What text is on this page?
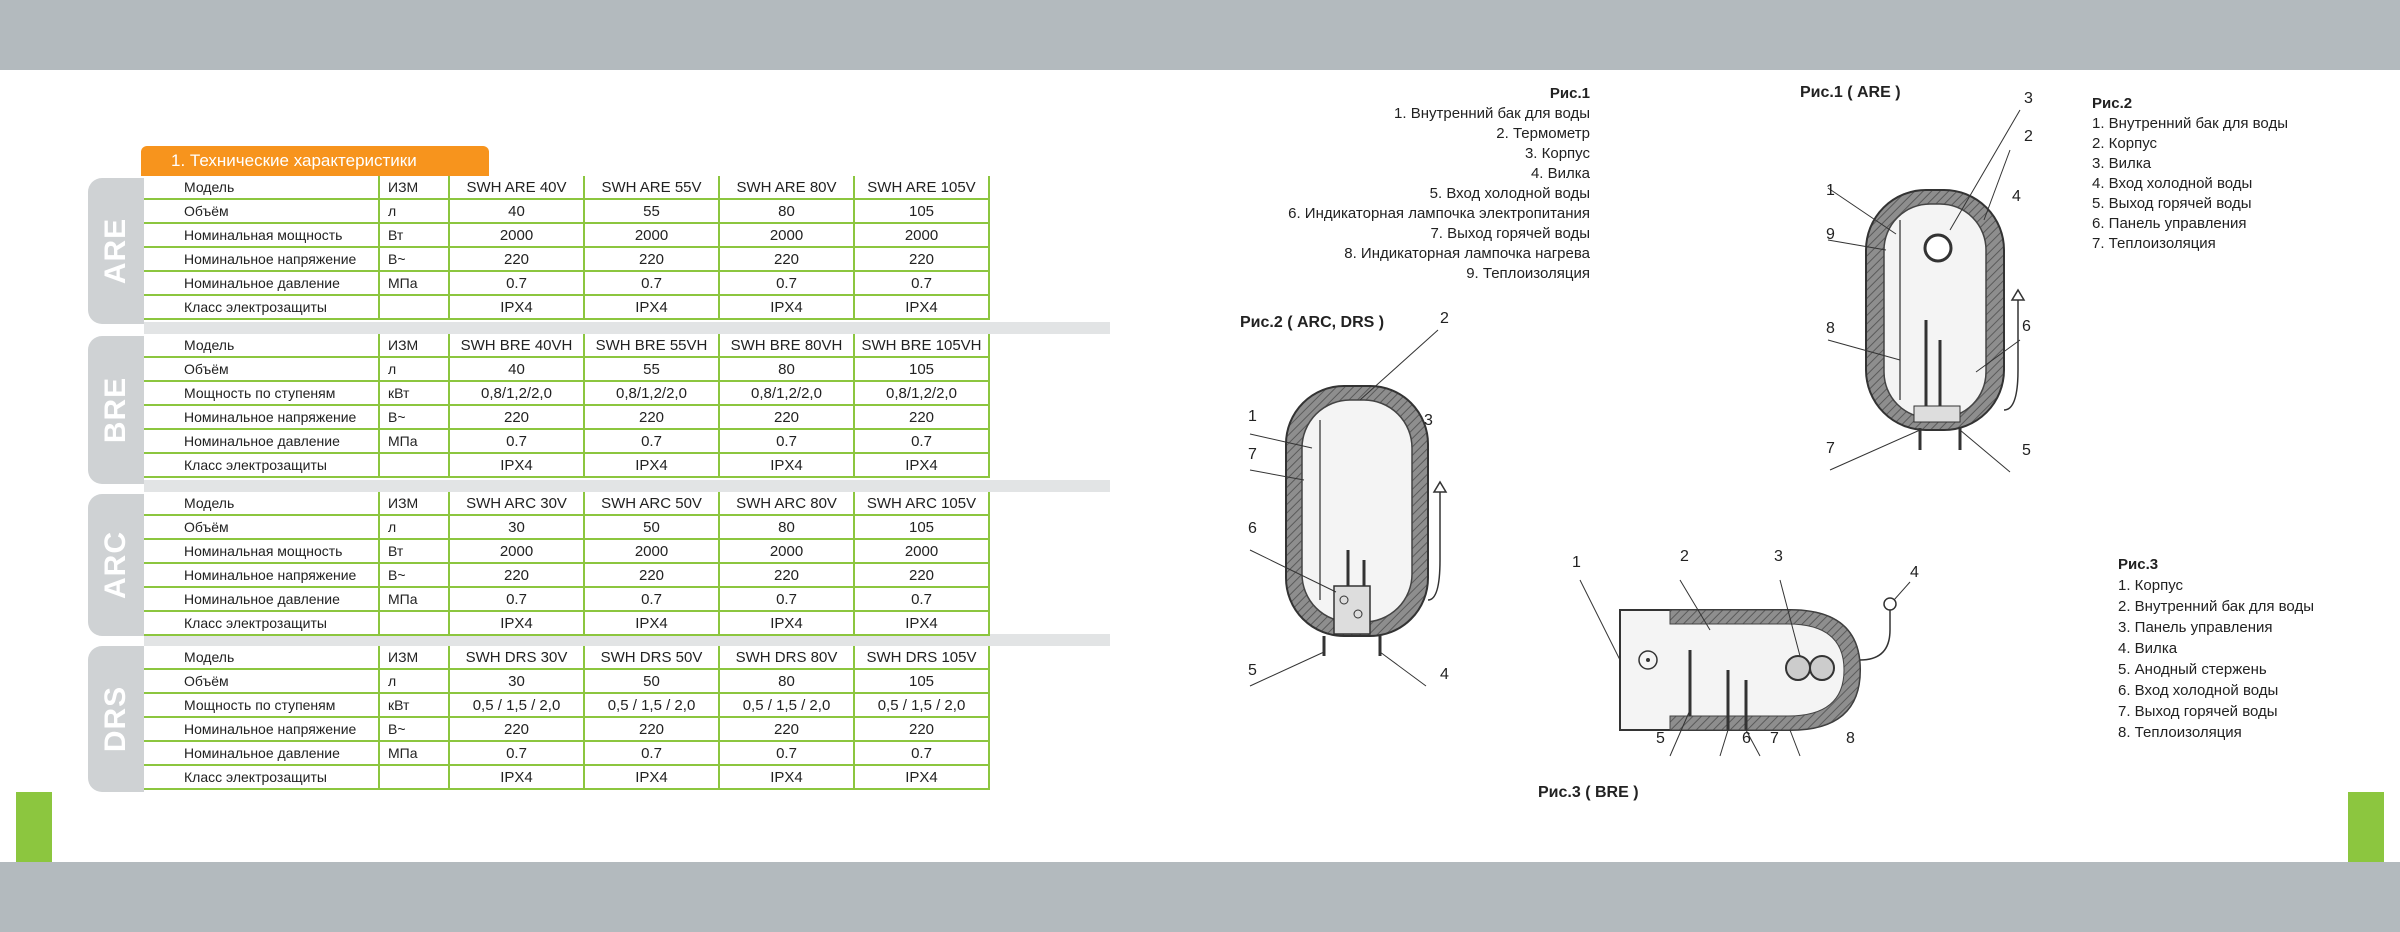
1. Технические характеристики
ARE
BRE
ARC
DRS
Модель	ИЗМ	SWH ARE 40V	SWH ARE 55V	SWH ARE 80V	SWH ARE 105V
Объём	л	40	55	80	105
Номинальная мощность	Вт	2000	2000	2000	2000
Номинальное напряжение	В~	220	220	220	220
Номинальное давление	МПа	0.7	0.7	0.7	0.7
Класс электрозащиты		IPX4	IPX4	IPX4	IPX4
Модель	ИЗМ	SWH BRE 40VH	SWH BRE 55VH	SWH BRE 80VH	SWH BRE 105VH
Объём	л	40	55	80	105
Мощность по ступеням	кВт	0,8/1,2/2,0	0,8/1,2/2,0	0,8/1,2/2,0	0,8/1,2/2,0
Номинальное напряжение	В~	220	220	220	220
Номинальное давление	МПа	0.7	0.7	0.7	0.7
Класс электрозащиты		IPX4	IPX4	IPX4	IPX4
Модель	ИЗМ	SWH ARC 30V	SWH ARC 50V	SWH ARC 80V	SWH ARC 105V
Объём	л	30	50	80	105
Номинальная мощность	Вт	2000	2000	2000	2000
Номинальное напряжение	В~	220	220	220	220
Номинальное давление	МПа	0.7	0.7	0.7	0.7
Класс электрозащиты		IPX4	IPX4	IPX4	IPX4
Модель	ИЗМ	SWH DRS 30V	SWH DRS 50V	SWH DRS 80V	SWH DRS 105V
Объём	л	30	50	80	105
Мощность по ступеням	кВт	0,5 / 1,5 / 2,0	0,5 / 1,5 / 2,0	0,5 / 1,5 / 2,0	0,5 / 1,5 / 2,0
Номинальное напряжение	В~	220	220	220	220
Номинальное давление	МПа	0.7	0.7	0.7	0.7
Класс электрозащиты		IPX4	IPX4	IPX4	IPX4
Рис.1
1. Внутренний бак для воды
2. Термометр
3. Корпус
4. Вилка
5. Вход холодной воды
6. Индикаторная лампочка электропитания
7. Выход горячей воды
8. Индикаторная лампочка нагрева
9. Теплоизоляция
Рис.2
1. Внутренний бак для воды
2. Корпус
3. Вилка
4. Вход холодной воды
5. Выход горячей воды
6. Панель управления
7. Теплоизоляция
Рис.3
1. Корпус
2. Внутренний бак для воды
3. Панель управления
4. Вилка
5. Анодный стержень
6. Вход холодной воды
7. Выход горячей воды
8. Теплоизоляция
Рис.1 ( ARE )
Рис.2 ( ARC, DRS )
Рис.3 ( BRE )
3
2
1	4
9
8	6
7	5
2
1	3
7
6
5	4
1	2	3
4
5	6 7	8
